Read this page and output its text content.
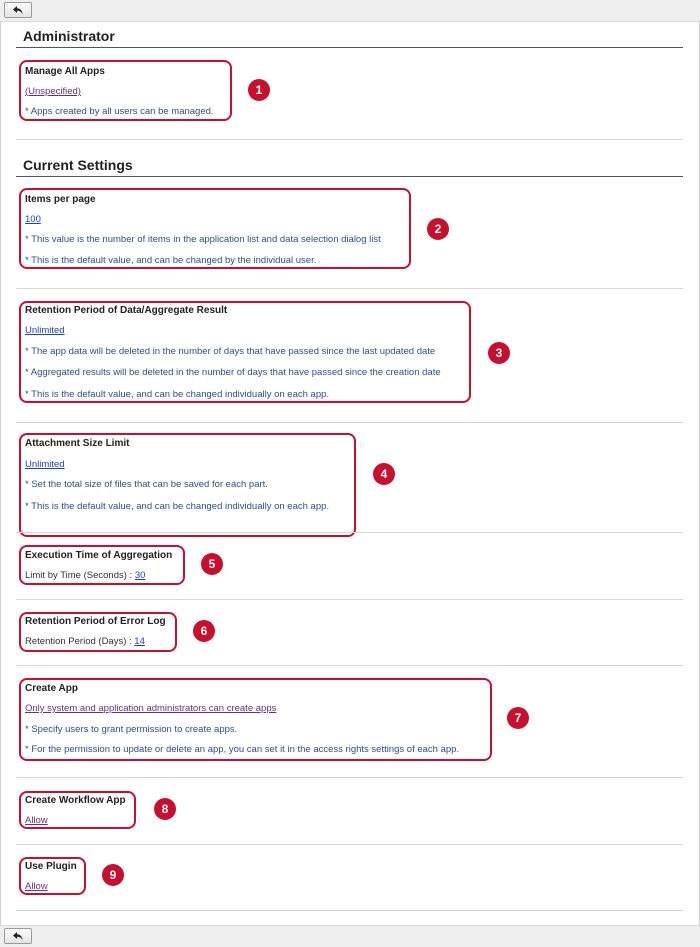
Administrator
1
Manage All Apps
(Unspecified)
* Apps created by all users can be managed.
Current Settings
2
Items per page
100
* This value is the number of items in the application list and data selection dialog list
* This is the default value, and can be changed by the individual user.
3
Retention Period of Data/Aggregate Result
Unlimited
* The app data will be deleted in the number of days that have passed since the last updated date
* Aggregated results will be deleted in the number of days that have passed since the creation date
* This is the default value, and can be changed individually on each app.
4
Attachment Size Limit
Unlimited
* Set the total size of files that can be saved for each part.
* This is the default value, and can be changed individually on each app.
5
Execution Time of Aggregation
Limit by Time (Seconds) : 30
6
Retention Period of Error Log
Retention Period (Days) : 14
7
Create App
Only system and application administrators can create apps
* Specify users to grant permission to create apps.
* For the permission to update or delete an app, you can set it in the access rights settings of each app.
8
Create Workflow App
Allow
9
Use Plugin
Allow
